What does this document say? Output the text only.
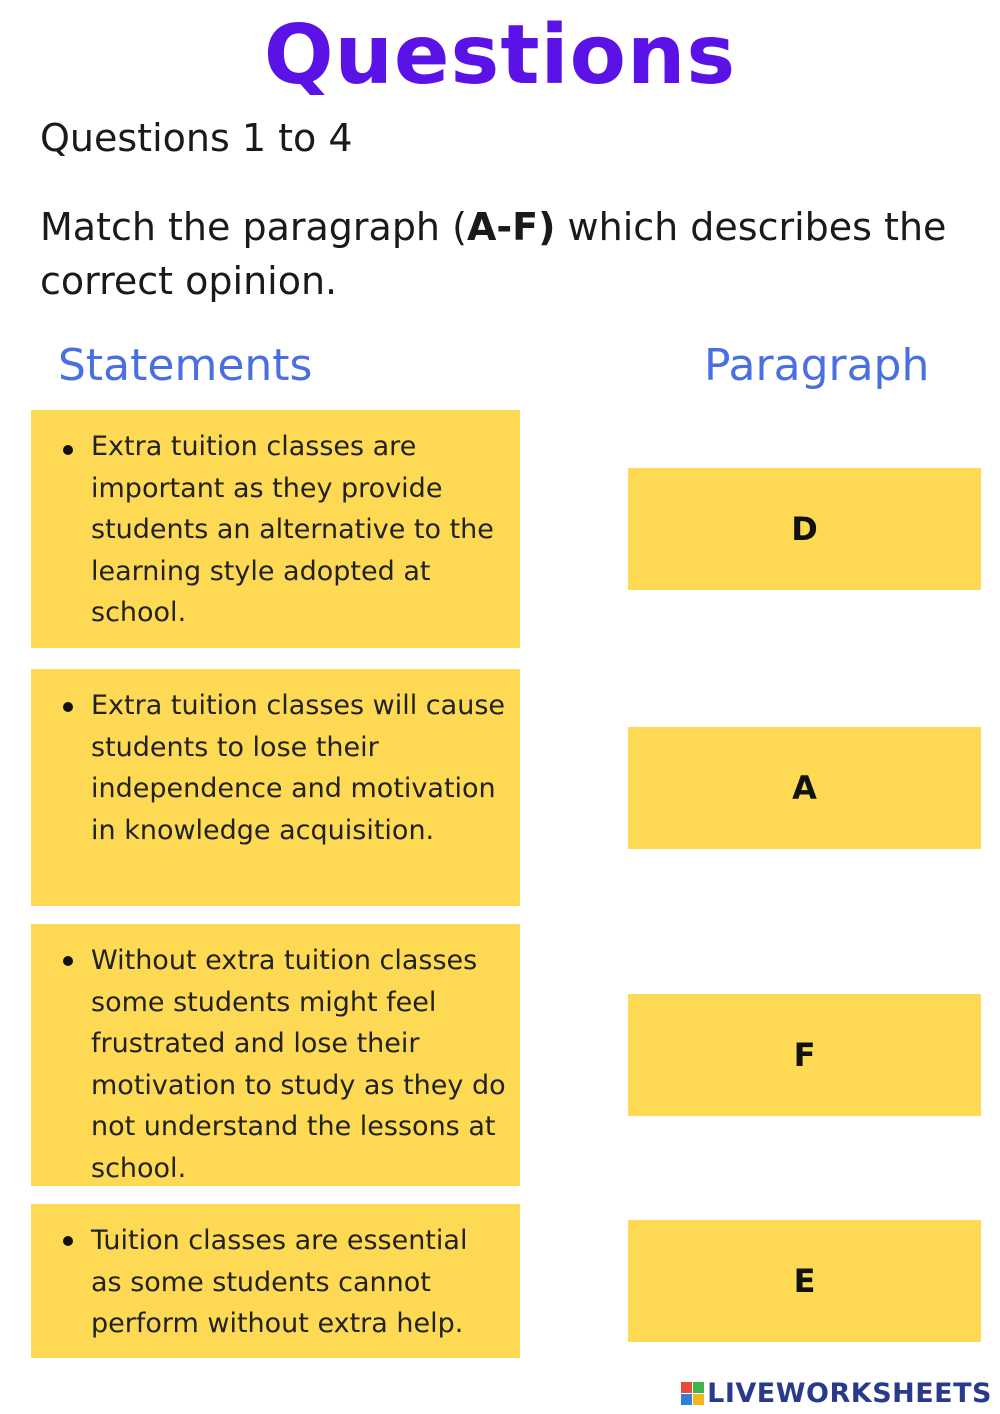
Questions
Questions 1 to 4
Match the paragraph (A-F) which describes the correct opinion.
Statements	Paragraph
Extra tuition classes are important as they provide students an alternative to the learning style adopted at school.
Extra tuition classes will cause students to lose their independence and motivation in knowledge acquisition.
Without extra tuition classes some students might feel frustrated and lose their motivation to study as they do not understand the lessons at school.
Tuition classes are essential as some students cannot perform without extra help.
D
A
F
E
LIVEWORKSHEETS
